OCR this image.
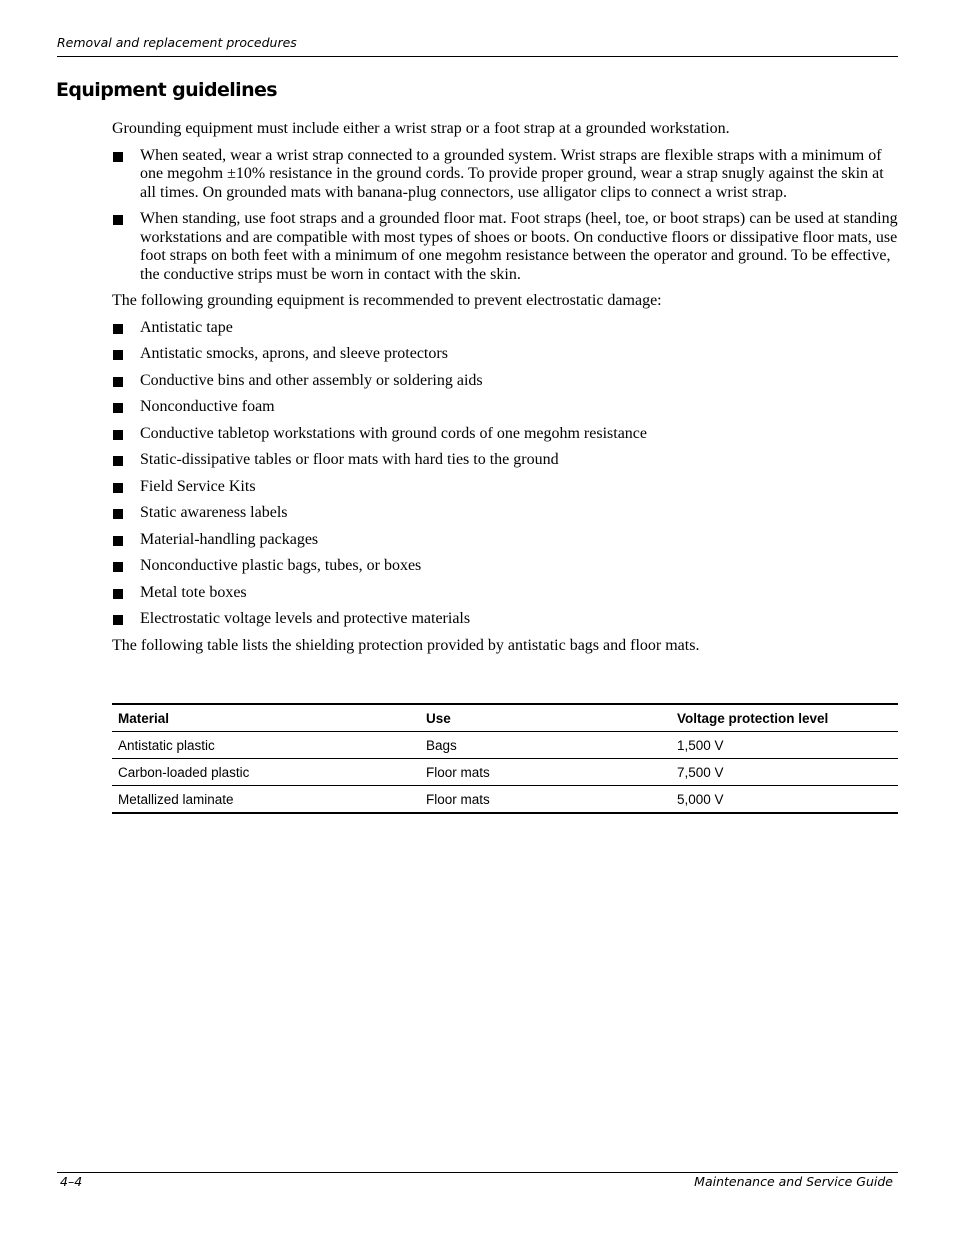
Removal and replacement procedures
Equipment guidelines

Grounding equipment must include either a wrist strap or a foot strap at a grounded workstation.

When seated, wear a wrist strap connected to a grounded system. Wrist straps are flexible straps with a minimum of one megohm ±10% resistance in the ground cords. To provide proper ground, wear a strap snugly against the skin at all times. On grounded mats with banana-plug connectors, use alligator clips to connect a wrist strap.
When standing, use foot straps and a grounded floor mat. Foot straps (heel, toe, or boot straps) can be used at standing workstations and are compatible with most types of shoes or boots. On conductive floors or dissipative floor mats, use foot straps on both feet with a minimum of one megohm resistance between the operator and ground. To be effective, the conductive strips must be worn in contact with the skin.

The following grounding equipment is recommended to prevent electrostatic damage:

Antistatic tape
Antistatic smocks, aprons, and sleeve protectors
Conductive bins and other assembly or soldering aids
Nonconductive foam
Conductive tabletop workstations with ground cords of one megohm resistance
Static-dissipative tables or floor mats with hard ties to the ground
Field Service Kits
Static awareness labels
Material-handling packages
Nonconductive plastic bags, tubes, or boxes
Metal tote boxes
Electrostatic voltage levels and protective materials

The following table lists the shielding protection provided by antistatic bags and floor mats.

Material	Use	Voltage protection level
Antistatic plastic	Bags	1,500 V
Carbon-loaded plastic	Floor mats	7,500 V
Metallized laminate	Floor mats	5,000 V
4–4	Maintenance and Service Guide
